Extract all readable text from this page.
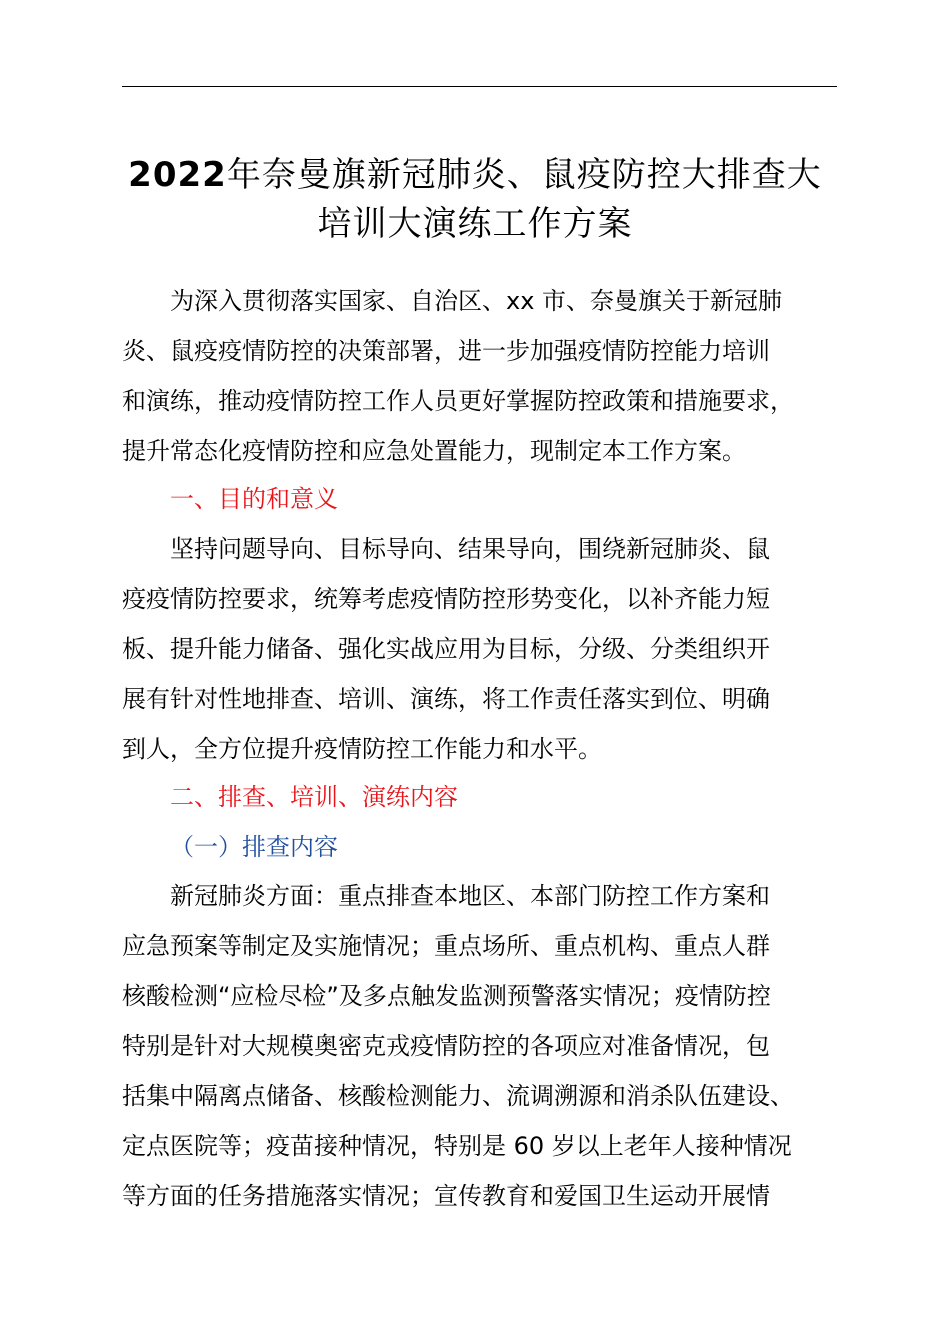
2022年奈曼旗新冠肺炎、鼠疫防控大排查大
培训大演练工作方案
为深入贯彻落实国家、自治区、xx 市、奈曼旗关于新冠肺
炎、鼠疫疫情防控的决策部署，进一步加强疫情防控能力培训
和演练，推动疫情防控工作人员更好掌握防控政策和措施要求，
提升常态化疫情防控和应急处置能力，现制定本工作方案。
一、目的和意义
坚持问题导向、目标导向、结果导向，围绕新冠肺炎、鼠
疫疫情防控要求，统筹考虑疫情防控形势变化，以补齐能力短
板、提升能力储备、强化实战应用为目标，分级、分类组织开
展有针对性地排查、培训、演练，将工作责任落实到位、明确
到人，全方位提升疫情防控工作能力和水平。
二、排查、培训、演练内容
（一）排查内容
新冠肺炎方面：重点排查本地区、本部门防控工作方案和
应急预案等制定及实施情况；重点场所、重点机构、重点人群
核酸检测“应检尽检”及多点触发监测预警落实情况；疫情防控
特别是针对大规模奥密克戎疫情防控的各项应对准备情况，包
括集中隔离点储备、核酸检测能力、流调溯源和消杀队伍建设、
定点医院等；疫苗接种情况，特别是 60 岁以上老年人接种情况
等方面的任务措施落实情况；宣传教育和爱国卫生运动开展情
